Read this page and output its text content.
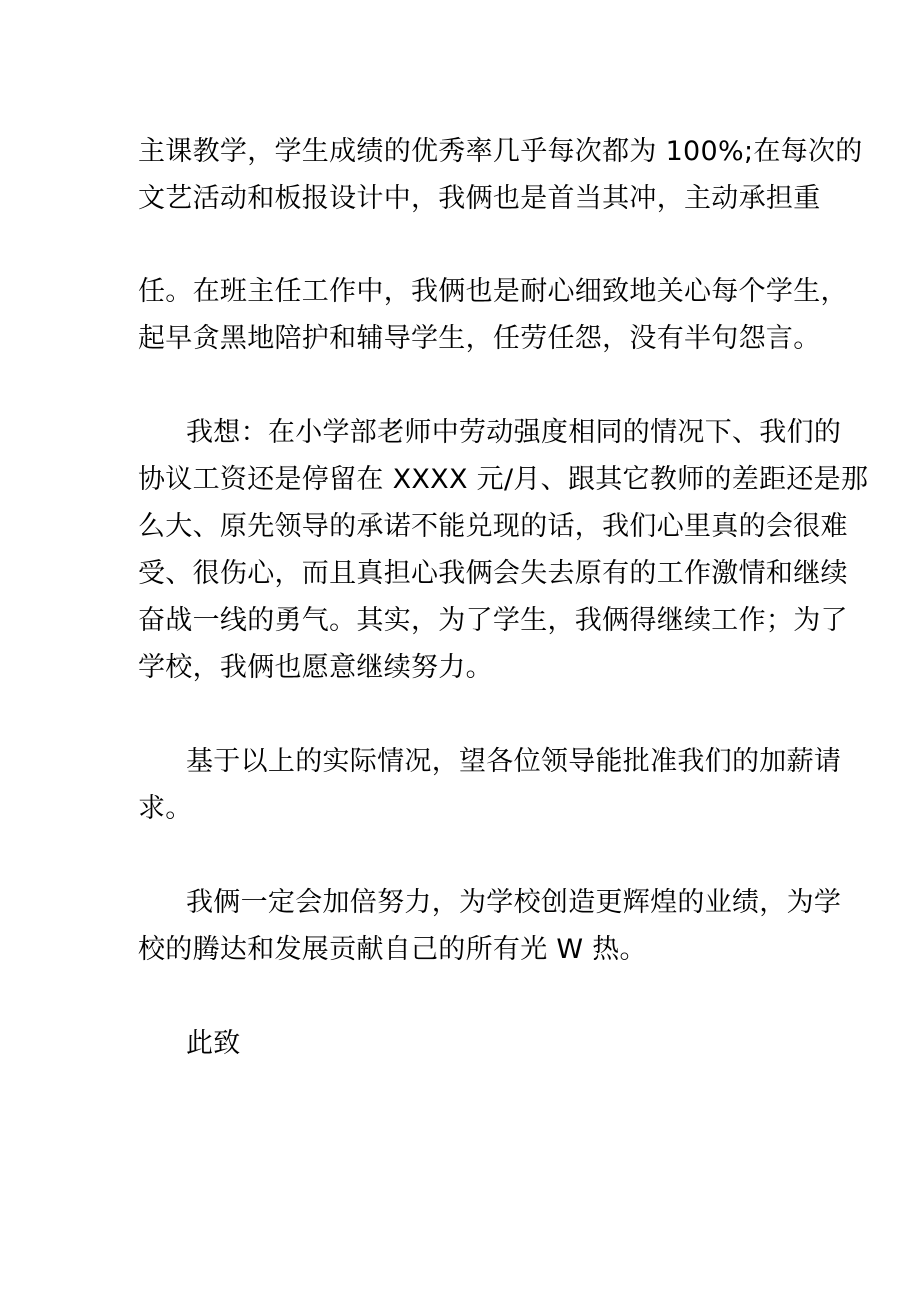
主课教学，学生成绩的优秀率几乎每次都为 100%;在每次的
文艺活动和板报设计中，我俩也是首当其冲，主动承担重
任。在班主任工作中，我俩也是耐心细致地关心每个学生，
起早贪黑地陪护和辅导学生，任劳任怨，没有半句怨言。
我想：在小学部老师中劳动强度相同的情况下、我们的
协议工资还是停留在 XXXX 元/月、跟其它教师的差距还是那
么大、原先领导的承诺不能兑现的话，我们心里真的会很难
受、很伤心，而且真担心我俩会失去原有的工作激情和继续
奋战一线的勇气。其实，为了学生，我俩得继续工作；为了
学校，我俩也愿意继续努力。
基于以上的实际情况，望各位领导能批准我们的加薪请
求。
我俩一定会加倍努力，为学校创造更辉煌的业绩，为学
校的腾达和发展贡献自己的所有光 W 热。
此致
